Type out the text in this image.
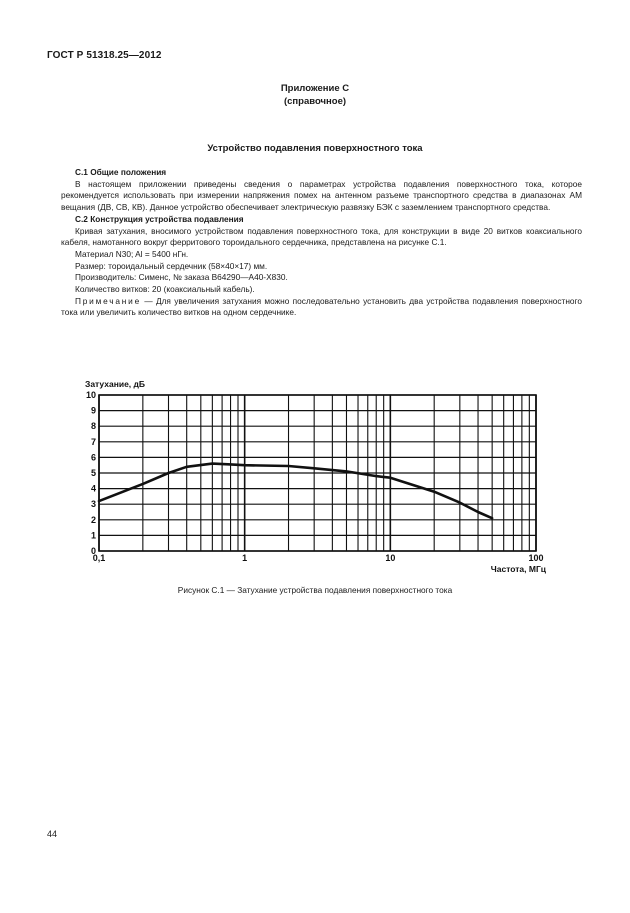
ГОСТ Р 51318.25—2012
Приложение С
(справочное)
Устройство подавления поверхностного тока

С.1 Общие положения

В настоящем приложении приведены сведения о параметрах устройства подавления поверхностного тока, которое рекомендуется использовать при измерении напряжения помех на антенном разъеме транспортного средства в диапазонах АМ вещания (ДВ, СВ, КВ). Данное устройство обеспечивает электрическую развязку БЭК с заземлением транспортного средства.

С.2 Конструкция устройства подавления

Кривая затухания, вносимого устройством подавления поверхностного тока, для конструкции в виде 20 витков коаксиального кабеля, намотанного вокруг ферритового тороидального сердечника, представлена на рисунке С.1.

Материал N30; Al = 5400 нГн.

Размер: тороидальный сердечник (58×40×17) мм.

Производитель: Сименс, № заказа В64290—А40-Х830.

Количество витков: 20 (коаксиальный кабель).

Примечание — Для увеличения затухания можно последовательно установить два устройства подавления поверхностного тока или увеличить количество витков на одном сердечнике.

0
1
2
3
4
5
6
7
8
9
10
0,1	1	10	100
Затухание, дБ
Частота, МГц
Рисунок С.1 — Затухание устройства подавления поверхностного тока
44
